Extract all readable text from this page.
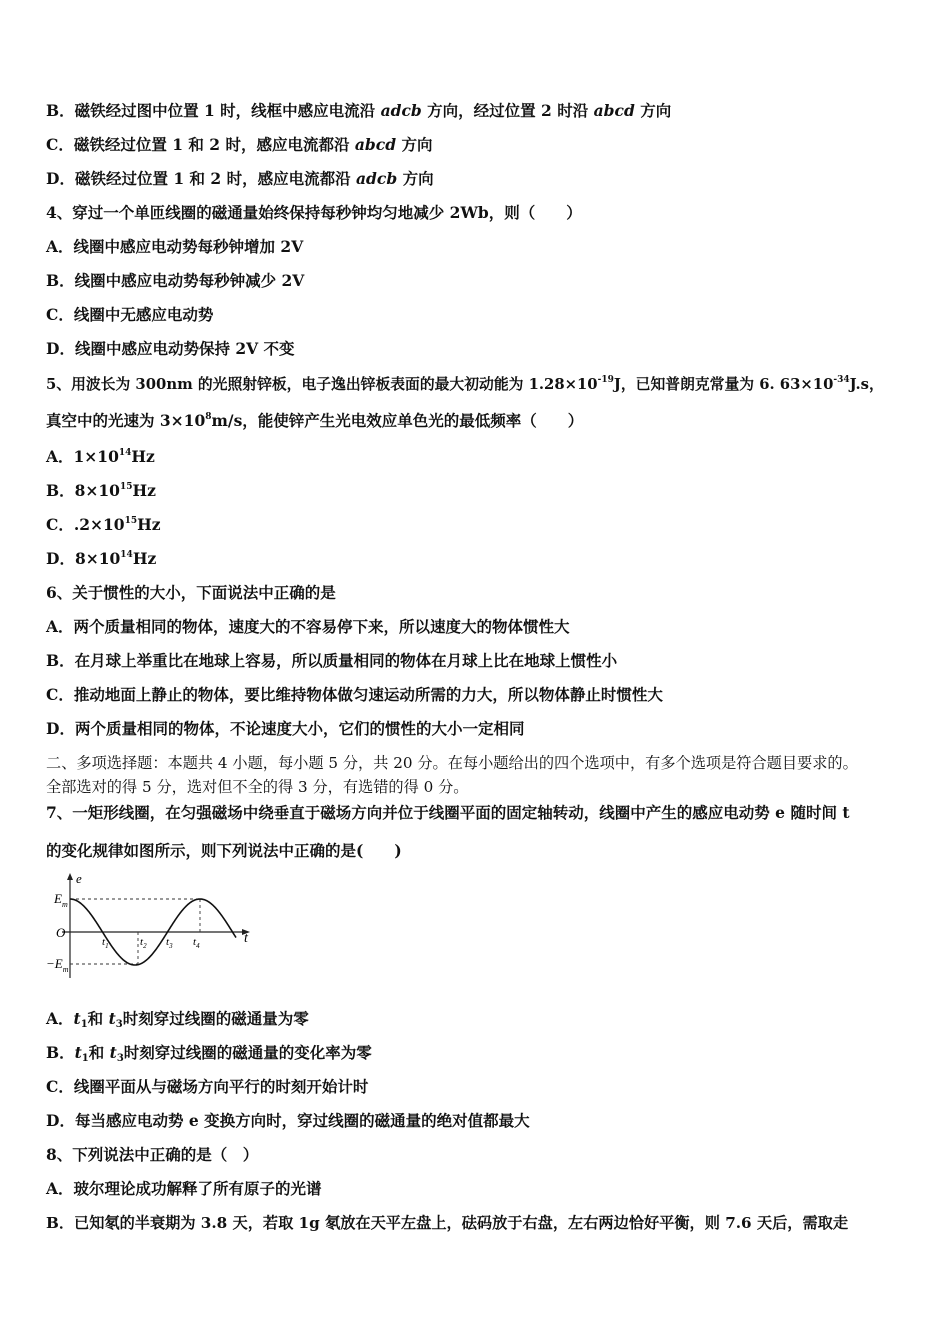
B．磁铁经过图中位置 1 时，线框中感应电流沿 adcb 方向，经过位置 2 时沿 abcd 方向
C．磁铁经过位置 1 和 2 时，感应电流都沿 abcd 方向
D．磁铁经过位置 1 和 2 时，感应电流都沿 adcb 方向
4、穿过一个单匝线圈的磁通量始终保持每秒钟均匀地减少 2Wb，则（　　）
A．线圈中感应电动势每秒钟增加 2V
B．线圈中感应电动势每秒钟减少 2V
C．线圈中无感应电动势
D．线圈中感应电动势保持 2V 不变
5、用波长为 300nm 的光照射锌板，电子逸出锌板表面的最大初动能为 $1.28\times 10^{-19}J$，已知普朗克常量为 6. $63\times 10^{-34}J.s$，
真空中的光速为 $3\times 10^8m/s$，能使锌产生光电效应单色光的最低频率（　　）
A．$1\times 10^{14}Hz$
B．$8\times 10^{15}Hz$
C．$.2\times 10^{15}Hz$
D．$8\times 10^{14}Hz$
6、关于惯性的大小，下面说法中正确的是
A．两个质量相同的物体，速度大的不容易停下来，所以速度大的物体惯性大
B．在月球上举重比在地球上容易，所以质量相同的物体在月球上比在地球上惯性小
C．推动地面上静止的物体，要比维持物体做匀速运动所需的力大，所以物体静止时惯性大
D．两个质量相同的物体，不论速度大小，它们的惯性的大小一定相同
二、多项选择题：本题共 4 小题，每小题 5 分，共 20 分。在每小题给出的四个选项中，有多个选项是符合题目要求的。
全部选对的得 5 分，选对但不全的得 3 分，有选错的得 0 分。
7、一矩形线圈，在匀强磁场中绕垂直于磁场方向并位于线圈平面的固定轴转动，线圈中产生的感应电动势 e 随时间 t
的变化规律如图所示，则下列说法中正确的是(　　)
e
$E_m$
$-E_m$
O	t
$t_1$	$t_2$ $t_3$ $t_4$
A．$t_1$和 $t_3$时刻穿过线圈的磁通量为零
B．$t_1$和 $t_3$时刻穿过线圈的磁通量的变化率为零
C．线圈平面从与磁场方向平行的时刻开始计时
D．每当感应电动势 e 变换方向时，穿过线圈的磁通量的绝对值都最大
8、下列说法中正确的是（　）
A．玻尔理论成功解释了所有原子的光谱
B．已知氡的半衰期为 3.8 天，若取 1g 氡放在天平左盘上，砝码放于右盘，左右两边恰好平衡，则 7.6 天后，需取走
